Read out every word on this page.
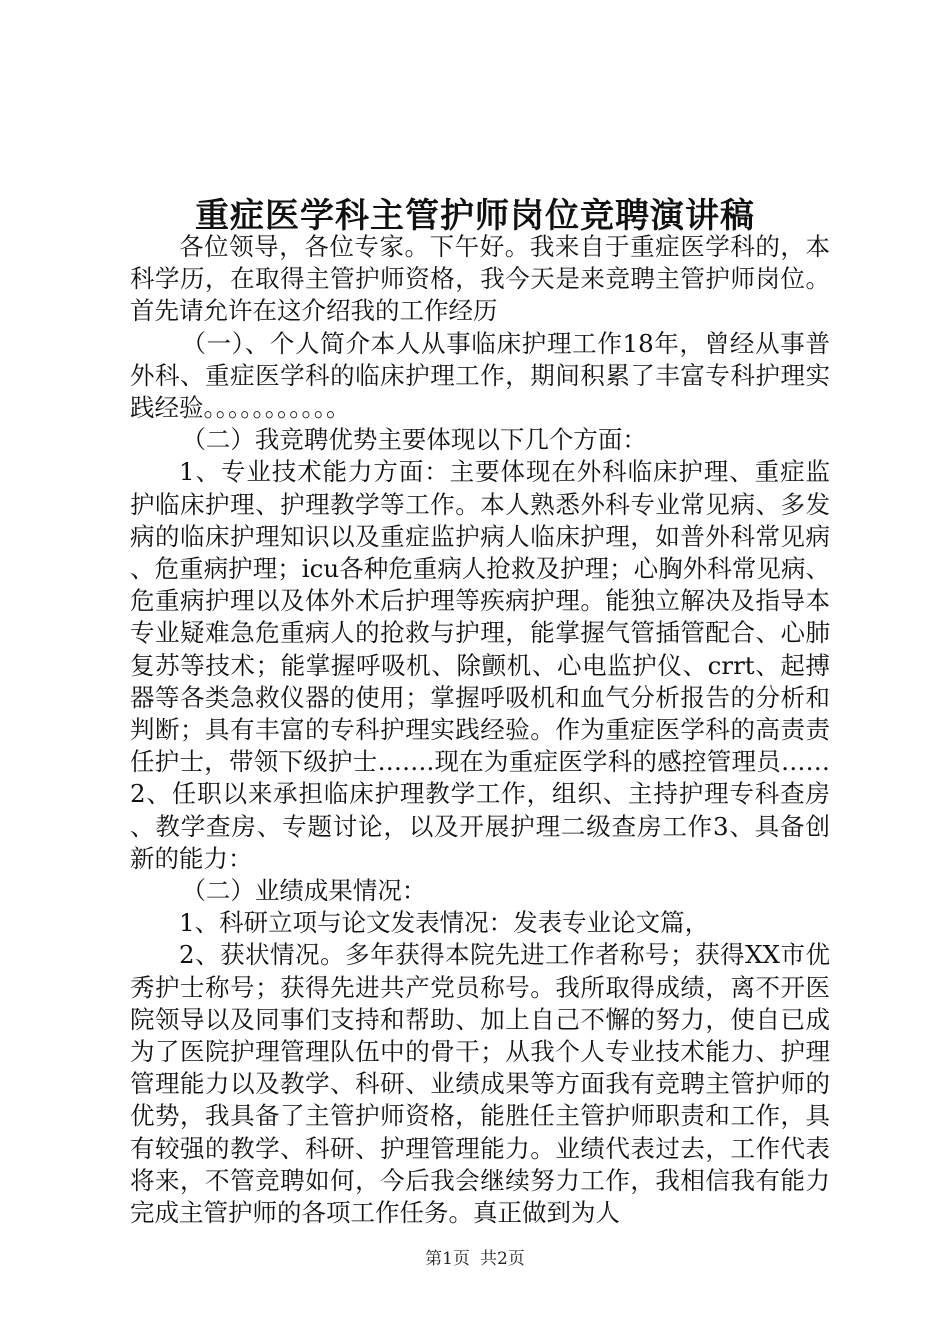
重症医学科主管护师岗位竞聘演讲稿

各位领导，各位专家。下午好。我来自于重症医学科的，本科学历，在取得主管护师资格，我今天是来竞聘主管护师岗位。首先请允许在这介绍我的工作经历

（一）、个人简介本人从事临床护理工作18年，曾经从事普外科、重症医学科的临床护理工作，期间积累了丰富专科护理实践经验。。。。。。。。。。。

（二）我竞聘优势主要体现以下几个方面：

1、专业技术能力方面：主要体现在外科临床护理、重症监护临床护理、护理教学等工作。本人熟悉外科专业常见病、多发病的临床护理知识以及重症监护病人临床护理，如普外科常见病、危重病护理；icu各种危重病人抢救及护理；心胸外科常见病、危重病护理以及体外术后护理等疾病护理。能独立解决及指导本专业疑难急危重病人的抢救与护理，能掌握气管插管配合、心肺复苏等技术；能掌握呼吸机、除颤机、心电监护仪、crrt、起搏器等各类急救仪器的使用；掌握呼吸机和血气分析报告的分析和判断；具有丰富的专科护理实践经验。作为重症医学科的高责责任护士，带领下级护士…….现在为重症医学科的感控管理员……2、任职以来承担临床护理教学工作，组织、主持护理专科查房、教学查房、专题讨论，以及开展护理二级查房工作3、具备创新的能力：

（二）业绩成果情况：

1、科研立项与论文发表情况：发表专业论文篇，

2、获状情况。多年获得本院先进工作者称号；获得XX市优秀护士称号；获得先进共产党员称号。我所取得成绩，离不开医院领导以及同事们支持和帮助、加上自己不懈的努力，使自已成为了医院护理管理队伍中的骨干；从我个人专业技术能力、护理管理能力以及教学、科研、业绩成果等方面我有竞聘主管护师的优势，我具备了主管护师资格，能胜任主管护师职责和工作，具有较强的教学、科研、护理管理能力。业绩代表过去，工作代表将来，不管竞聘如何，今后我会继续努力工作，我相信我有能力完成主管护师的各项工作任务。真正做到为人

第1页 共2页
